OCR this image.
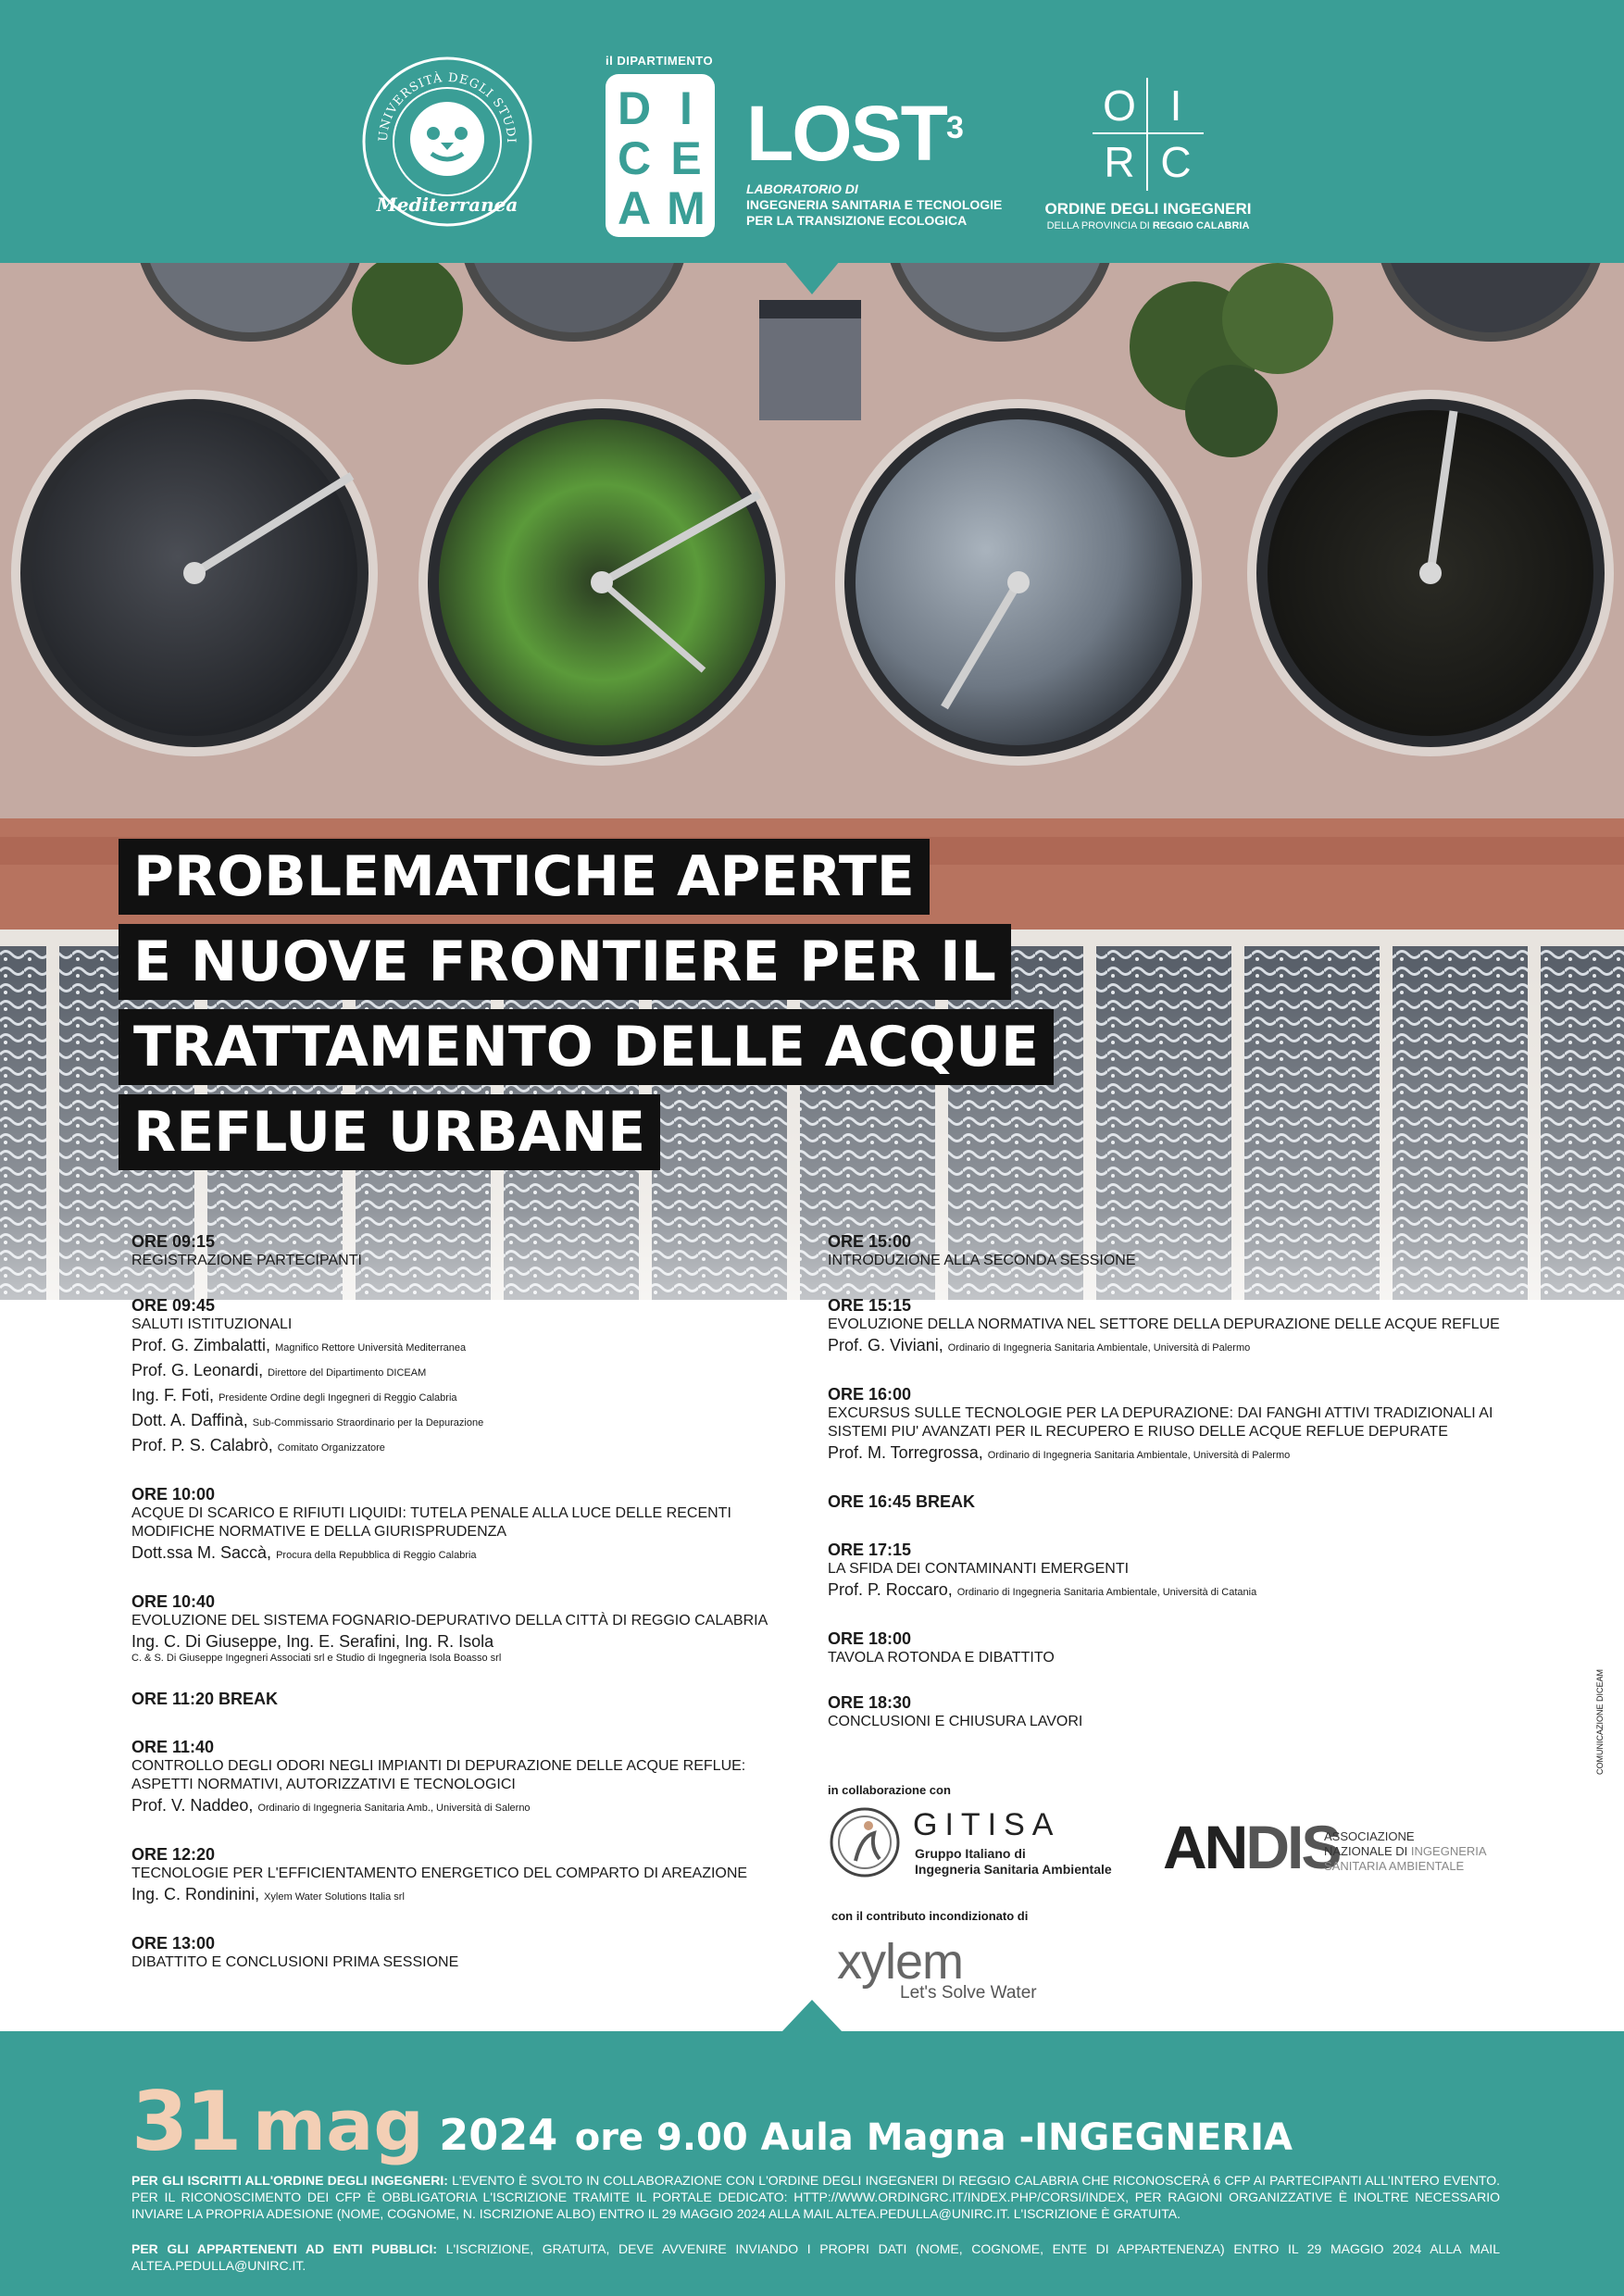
UNIVERSITÀ DEGLI STUDI
Mediterranea
il DIPARTIMENTO
D I
C E
A M
LOST$^3$
LABORATORIO DI
INGEGNERIA SANITARIA E TECNOLOGIE
PER LA TRANSIZIONE ECOLOGICA
O I
R C
ORDINE DEGLI INGEGNERI
DELLA PROVINCIA DI REGGIO CALABRIA
PROBLEMATICHE APERTE
E NUOVE FRONTIERE PER IL
TRATTAMENTO DELLE ACQUE
REFLUE URBANE
ORE 09:15
REGISTRAZIONE PARTECIPANTI
ORE 09:45
SALUTI ISTITUZIONALI
Prof. G. Zimbalatti, Magnifico Rettore Università Mediterranea
Prof. G. Leonardi, Direttore del Dipartimento DICEAM
Ing. F. Foti, Presidente Ordine degli Ingegneri di Reggio Calabria
Dott. A. Daffinà, Sub-Commissario Straordinario per la Depurazione
Prof. P. S. Calabrò, Comitato Organizzatore
ORE 10:00
ACQUE DI SCARICO E RIFIUTI LIQUIDI: TUTELA PENALE ALLA LUCE DELLE RECENTI MODIFICHE NORMATIVE E DELLA GIURISPRUDENZA
Dott.ssa M. Saccà, Procura della Repubblica di Reggio Calabria
ORE 10:40
EVOLUZIONE DEL SISTEMA FOGNARIO-DEPURATIVO DELLA CITTÀ DI REGGIO CALABRIA
Ing. C. Di Giuseppe, Ing. E. Serafini, Ing. R. Isola
C. & S. Di Giuseppe Ingegneri Associati srl e Studio di Ingegneria Isola Boasso srl
ORE 11:20 BREAK
ORE 11:40
CONTROLLO DEGLI ODORI NEGLI IMPIANTI DI DEPURAZIONE DELLE ACQUE REFLUE: ASPETTI NORMATIVI, AUTORIZZATIVI E TECNOLOGICI
Prof. V. Naddeo, Ordinario di Ingegneria Sanitaria Amb., Università di Salerno
ORE 12:20
TECNOLOGIE PER L'EFFICIENTAMENTO ENERGETICO DEL COMPARTO DI AREAZIONE
Ing. C. Rondinini, Xylem Water Solutions Italia srl
ORE 13:00
DIBATTITO E CONCLUSIONI PRIMA SESSIONE
ORE 15:00
INTRODUZIONE ALLA SECONDA SESSIONE
ORE 15:15
EVOLUZIONE DELLA NORMATIVA NEL SETTORE DELLA DEPURAZIONE DELLE ACQUE REFLUE
Prof. G. Viviani, Ordinario di Ingegneria Sanitaria Ambientale, Università di Palermo
ORE 16:00
EXCURSUS SULLE TECNOLOGIE PER LA DEPURAZIONE: DAI FANGHI ATTIVI TRADIZIONALI AI SISTEMI PIU' AVANZATI PER IL RECUPERO E RIUSO DELLE ACQUE REFLUE DEPURATE
Prof. M. Torregrossa, Ordinario di Ingegneria Sanitaria Ambientale, Università di Palermo
ORE 16:45 BREAK
ORE 17:15
LA SFIDA DEI CONTAMINANTI EMERGENTI
Prof. P. Roccaro, Ordinario di Ingegneria Sanitaria Ambientale, Università di Catania
ORE 18:00
TAVOLA ROTONDA E DIBATTITO
ORE 18:30
CONCLUSIONI E CHIUSURA LAVORI
in collaborazione con
GITISA
Gruppo Italiano di
Ingegneria Sanitaria Ambientale ANDIS
ASSOCIAZIONE
NAZIONALE DI INGEGNERIA
SANITARIA AMBIENTALE
con il contributo incondizionato di
xylem
Let's Solve Water
COMUNICAZIONE DICEAM
31 mag 2024 ore 9.00 Aula Magna -INGEGNERIA
PER GLI ISCRITTI ALL'ORDINE DEGLI INGEGNERI: L'EVENTO È SVOLTO IN COLLABORAZIONE CON L'ORDINE DEGLI INGEGNERI DI REGGIO CALABRIA CHE RICONOSCERÀ 6 CFP AI PARTECIPANTI ALL'INTERO EVENTO. PER IL RICONOSCIMENTO DEI CFP È OBBLIGATORIA L'ISCRIZIONE TRAMITE IL PORTALE DEDICATO: HTTP://WWW.ORDINGRC.IT/INDEX.PHP/CORSI/INDEX, PER RAGIONI ORGANIZZATIVE È INOLTRE NECESSARIO INVIARE LA PROPRIA ADESIONE (NOME, COGNOME, N. ISCRIZIONE ALBO) ENTRO IL 29 MAGGIO 2024 ALLA MAIL ALTEA.PEDULLA@UNIRC.IT. L'ISCRIZIONE È GRATUITA.
PER GLI APPARTENENTI AD ENTI PUBBLICI: L'ISCRIZIONE, GRATUITA, DEVE AVVENIRE INVIANDO I PROPRI DATI (NOME, COGNOME, ENTE DI APPARTENENZA) ENTRO IL 29 MAGGIO 2024 ALLA MAIL ALTEA.PEDULLA@UNIRC.IT.
